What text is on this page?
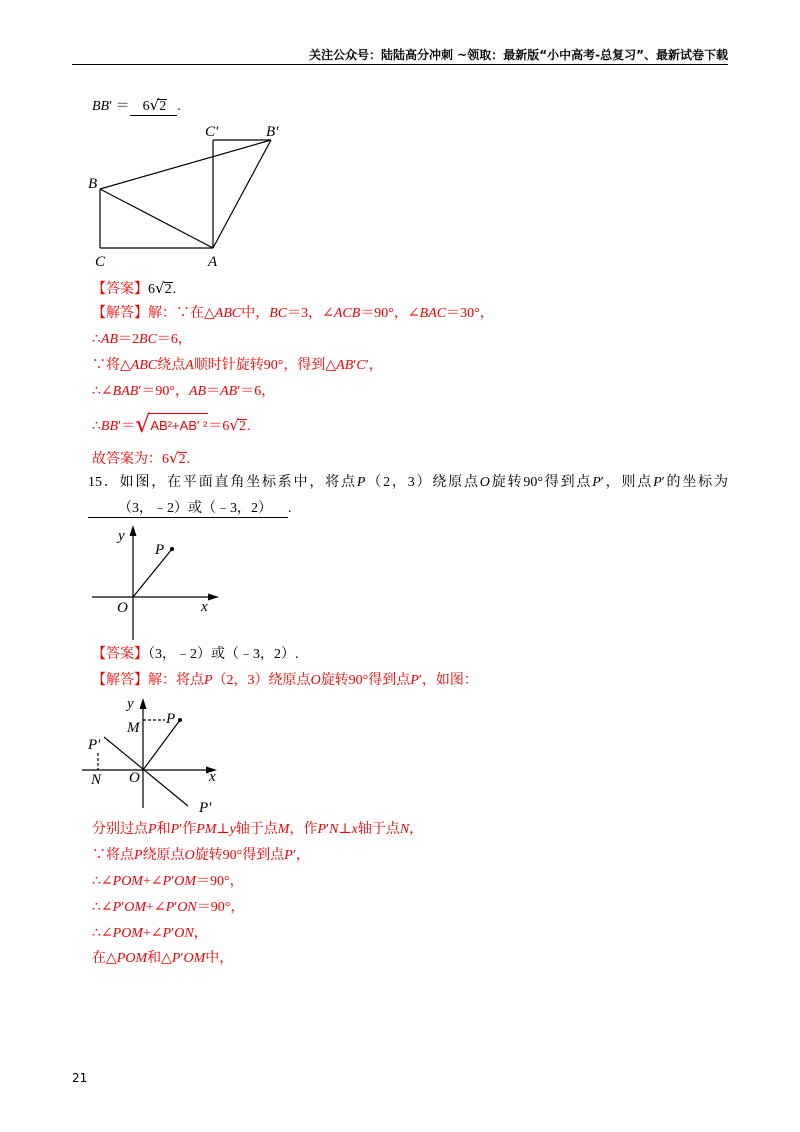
关注公众号：陆陆高分冲刺 ~领取：最新版“小中高考-总复习”、最新试卷下载
BB′ ＝ 6√2 .
C′	B′
B
C	A
【答案】6√2.
【解答】解：∵在△ABC中，BC＝3，∠ACB＝90°，∠BAC＝30°，
∴AB＝2BC＝6，
∵将△ABC绕点A顺时针旋转90°，得到△AB′C′，
∴∠BAB′＝90°，AB＝AB′＝6，
∴BB′＝√AB²+AB′ ²＝6√2.
故答案为：6√2.
15．如图，在平面直角坐标系中，将点P（2，3）绕原点O旋转90°得到点P′，则点P′的坐标为
（3，﹣2）或（﹣3，2） .
y
P
O	x
【答案】（3，﹣2）或（﹣3，2）.
【解答】解：将点P（2，3）绕原点O旋转90°得到点P′，如图：
y
M
P
P′
N O	x
P′
分别过点P和P′作PM⊥y轴于点M，作P′N⊥x轴于点N，
∵将点P绕原点O旋转90°得到点P′，
∴∠POM+∠P′OM＝90°，
∴∠P′OM+∠P′ON＝90°，
∴∠POM+∠P′ON，
在△POM和△P′OM中，
21
